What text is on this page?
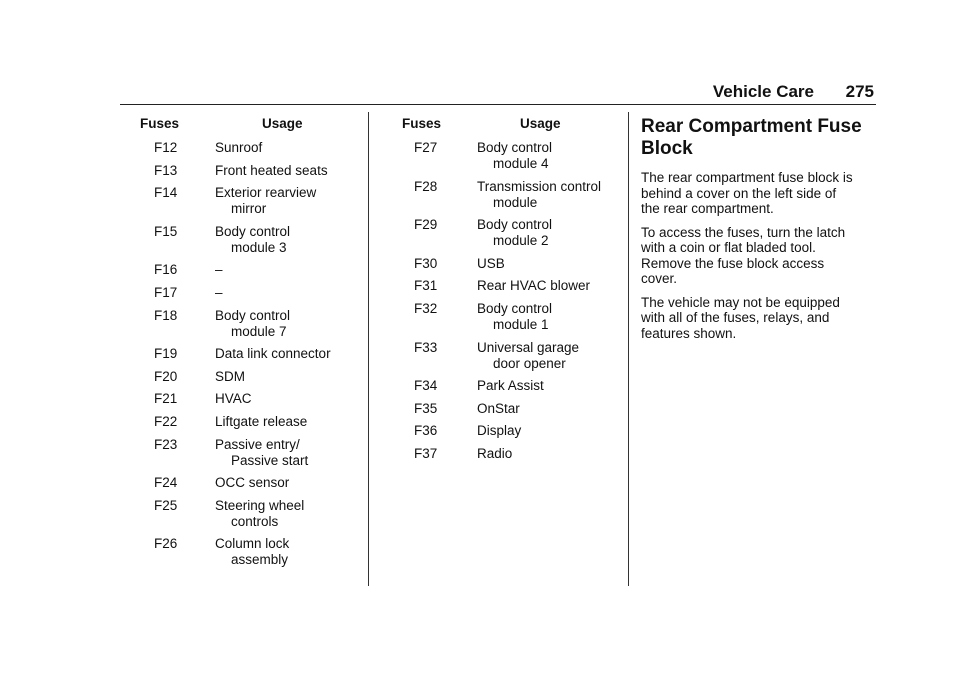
Vehicle Care 275
Fuses	Usage
F12	Sunroof
F13	Front heated seats
F14	Exterior rearview
mirror
F15	Body control
module 3
F16	–
F17	–
F18	Body control
module 7
F19	Data link connector
F20	SDM
F21	HVAC
F22	Liftgate release
F23	Passive entry/
Passive start
F24	OCC sensor
F25	Steering wheel
controls
F26	Column lock
assembly
Fuses	Usage
F27	Body control
module 4
F28	Transmission control
module
F29	Body control
module 2
F30	USB
F31	Rear HVAC blower
F32	Body control
module 1
F33	Universal garage
door opener
F34	Park Assist
F35	OnStar
F36	Display
F37	Radio
Rear Compartment Fuse
Block
The rear compartment fuse block is
behind a cover on the left side of
the rear compartment.
To access the fuses, turn the latch
with a coin or flat bladed tool.
Remove the fuse block access
cover.
The vehicle may not be equipped
with all of the fuses, relays, and
features shown.
